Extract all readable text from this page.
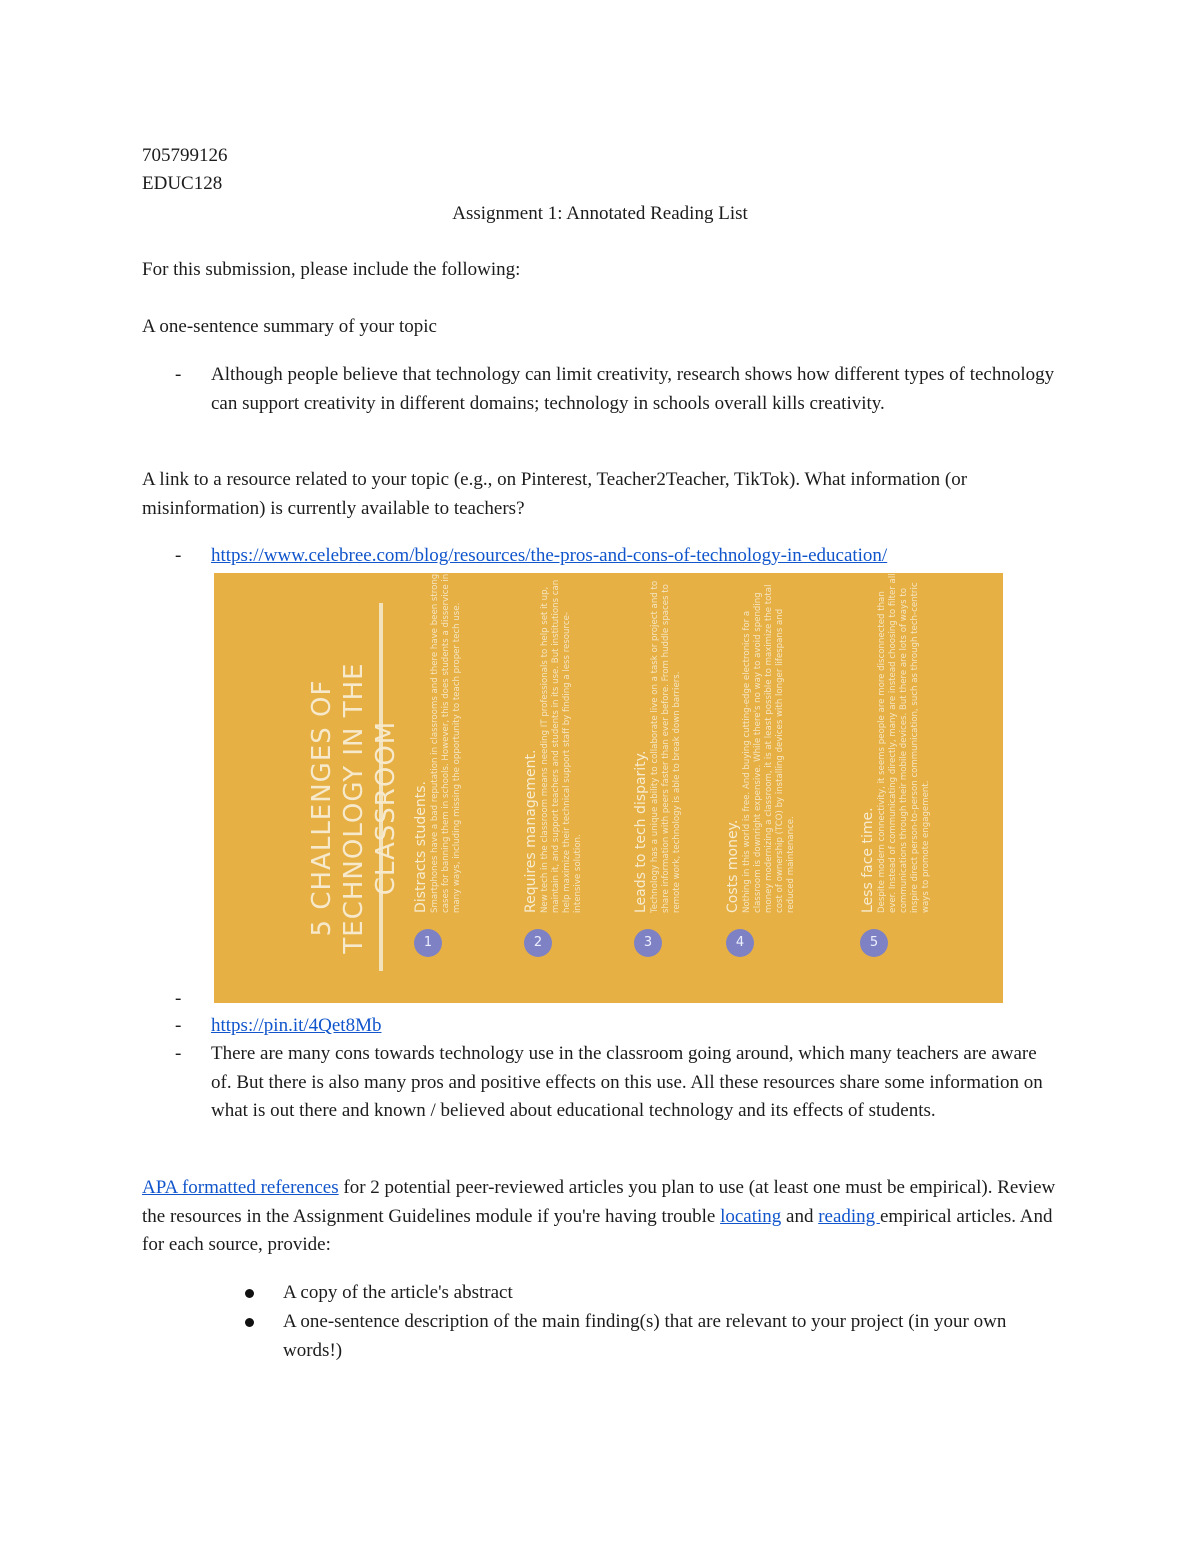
705799126
EDUC128
Assignment 1: Annotated Reading List
For this submission, please include the following:
A one-sentence summary of your topic
- Although people believe that technology can limit creativity, research shows how different types of technology can support creativity in different domains; technology in schools overall kills creativity.
A link to a resource related to your topic (e.g., on Pinterest, Teacher2Teacher, TikTok). What information (or misinformation) is currently available to teachers?
- https://www.celebree.com/blog/resources/the-pros-and-cons-of-technology-in-education/
5 CHALLENGES OF TECHNOLOGY IN THE CLASSROOM Distracts students. Smartphones have a bad reputation in classrooms and there have been strong cases for banning them in schools. However, this does students a disservice in many ways, including missing the opportunity to teach proper tech use.
1
Requires management. New tech in the classroom means needing IT professionals to help set it up, maintain it, and support teachers and students in its use. But institutions can help maximize their technical support staff by finding a less resource-intensive solution.
2
Leads to tech disparity. Technology has a unique ability to collaborate live on a task or project and to share information with peers faster than ever before. From huddle spaces to remote work, technology is able to break down barriers.
3
Costs money. Nothing in this world is free. And buying cutting-edge electronics for a classroom is downright expensive. While there's no way to avoid spending money modernizing a classroom, it is at least possible to maximize the total cost of ownership (TCO) by installing devices with longer lifespans and reduced maintenance.
4
Less face time. Despite modern connectivity, it seems people are more disconnected than ever. Instead of communicating directly, many are instead choosing to filter all communications through their mobile devices. But there are lots of ways to inspire direct person-to-person communication, such as through tech-centric ways to promote engagement.
5
-
- https://pin.it/4Qet8Mb
- There are many cons towards technology use in the classroom going around, which many teachers are aware of. But there is also many pros and positive effects on this use. All these resources share some information on what is out there and known / believed about educational technology and its effects of students.
APA formatted references for 2 potential peer-reviewed articles you plan to use (at least one must be empirical). Review the resources in the Assignment Guidelines module if you're having trouble locating and reading empirical articles. And for each source, provide:
A copy of the article's abstract
A one-sentence description of the main finding(s) that are relevant to your project (in your own words!)
